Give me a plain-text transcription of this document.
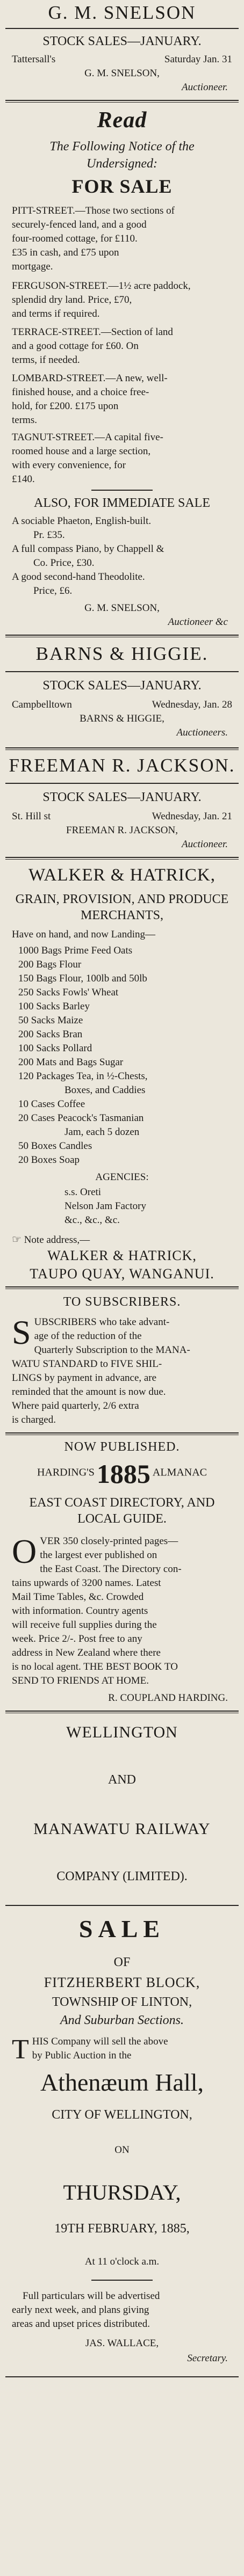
G. M. SNELSON
STOCK SALES—JANUARY.
Tattersall's	Saturday Jan. 31
G. M. SNELSON,
Auctioneer.
Read
The Following Notice of the
Undersigned:
FOR SALE
PITT-STREET.—Those two sections of
securely-fenced land, and a good
four-roomed cottage, for £110.
£35 in cash, and £75 upon
mortgage.
FERGUSON-STREET.—1½ acre paddock,
splendid dry land. Price, £70,
and terms if required.
TERRACE-STREET.—Section of land
and a good cottage for £60. On
terms, if needed.
LOMBARD-STREET.—A new, well-
finished house, and a choice free-
hold, for £200. £175 upon
terms.
TAGNUT-STREET.—A capital five-
roomed house and a large section,
with every convenience, for
£140.
ALSO, FOR IMMEDIATE SALE
A sociable Phaeton, English-built.
Pr. £35.
A full compass Piano, by Chappell &
Co. Price, £30.
A good second-hand Theodolite.
Price, £6.
G. M. SNELSON,
Auctioneer &c
BARNS & HIGGIE.
STOCK SALES—JANUARY.
Campbelltown	Wednesday, Jan. 28
BARNS & HIGGIE,
Auctioneers.
FREEMAN R. JACKSON.
STOCK SALES—JANUARY.
St. Hill st	Wednesday, Jan. 21
FREEMAN R. JACKSON,
Auctioneer.
WALKER & HATRICK,
GRAIN, PROVISION, AND PRODUCE
MERCHANTS,
Have on hand, and now Landing—
1000 Bags Prime Feed Oats
200 Bags Flour
150 Bags Flour, 100lb and 50lb
250 Sacks Fowls' Wheat
100 Sacks Barley
50 Sacks Maize
200 Sacks Bran
100 Sacks Pollard
200 Mats and Bags Sugar
120 Packages Tea, in ½-Chests,
Boxes, and Caddies
10 Cases Coffee
20 Cases Peacock's Tasmanian
Jam, each 5 dozen
50 Boxes Candles
20 Boxes Soap
AGENCIES:
s.s. Oreti
Nelson Jam Factory
&c., &c., &c.
☞ Note address,—
WALKER & HATRICK,
TAUPO QUAY, WANGANUI.
TO SUBSCRIBERS.
S UBSCRIBERS who take advant-
age of the reduction of the
Quarterly Subscription to the MANA-
WATU STANDARD to FIVE SHIL-
LINGS by payment in advance, are
reminded that the amount is now due.
Where paid quarterly, 2/6 extra
is charged.
NOW PUBLISHED.
HARDING'S 1885 ALMANAC
EAST COAST DIRECTORY, AND
LOCAL GUIDE.
O VER 350 closely-printed pages—
the largest ever published on
the East Coast. The Directory con-
tains upwards of 3200 names. Latest
Mail Time Tables, &c. Crowded
with information. Country agents
will receive full supplies during the
week. Price 2/-. Post free to any
address in New Zealand where there
is no local agent. THE BEST BOOK TO
SEND TO FRIENDS AT HOME.
R. COUPLAND HARDING.
WELLINGTON
AND
MANAWATU RAILWAY
COMPANY (LIMITED).
SALE
OF
FITZHERBERT BLOCK,
TOWNSHIP OF LINTON,
And Suburban Sections.
T HIS Company will sell the above
by Public Auction in the
Athenæum Hall,
CITY OF WELLINGTON,
ON
THURSDAY,
19TH FEBRUARY, 1885,
At 11 o'clock a.m.
Full particulars will be advertised
early next week, and plans giving
areas and upset prices distributed.
JAS. WALLACE,
Secretary.
